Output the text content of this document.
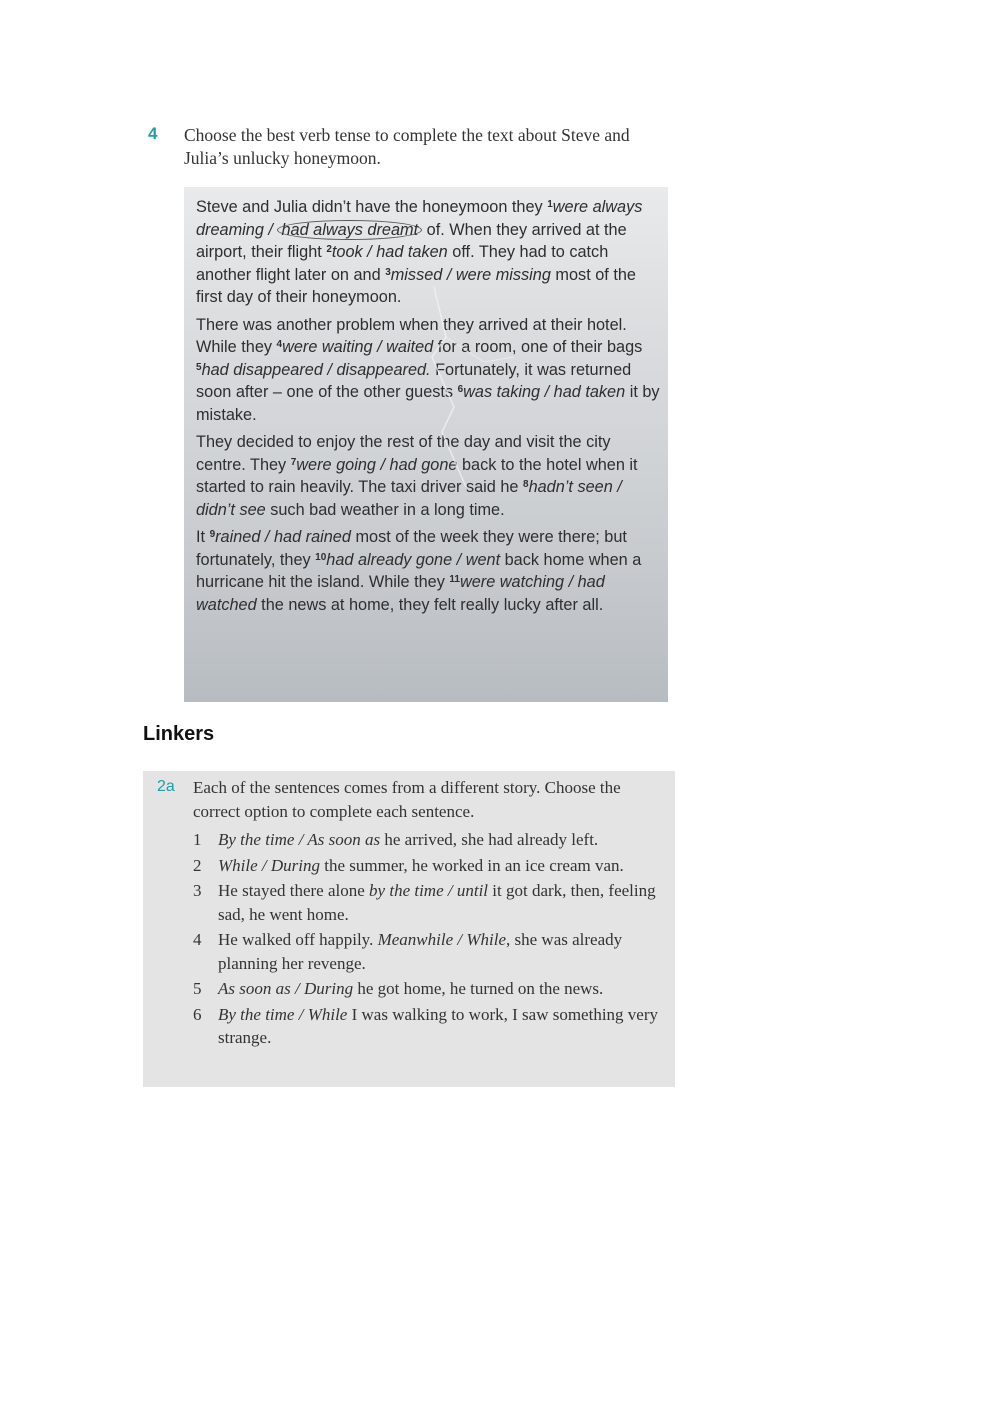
4 Choose the best verb tense to complete the text about Steve and Julia’s unlucky honeymoon.

Steve and Julia didn’t have the honeymoon they $^1$were always dreaming / had always dreamt of. When they arrived at the airport, their flight $^2$took / had taken off. They had to catch another flight later on and $^3$missed / were missing most of the first day of their honeymoon.

There was another problem when they arrived at their hotel. While they $^4$were waiting / waited for a room, one of their bags $^5$had disappeared / disappeared. Fortunately, it was returned soon after – one of the other guests $^6$was taking / had taken it by mistake.

They decided to enjoy the rest of the day and visit the city centre. They $^7$were going / had gone back to the hotel when it started to rain heavily. The taxi driver said he $^8$hadn’t seen / didn’t see such bad weather in a long time.

It $^9$rained / had rained most of the week they were there; but fortunately, they $^{10}$had already gone / went back home when a hurricane hit the island. While they $^{11}$were watching / had watched the news at home, they felt really lucky after all.

Linkers
2a Each of the sentences comes from a different story. Choose the correct option to complete each sentence.
1 By the time / As soon as he arrived, she had already left.
2 While / During the summer, he worked in an ice cream van.
3 He stayed there alone by the time / until it got dark, then, feeling sad, he went home.
4 He walked off happily. Meanwhile / While, she was already planning her revenge.
5 As soon as / During he got home, he turned on the news.
6 By the time / While I was walking to work, I saw something very strange.
